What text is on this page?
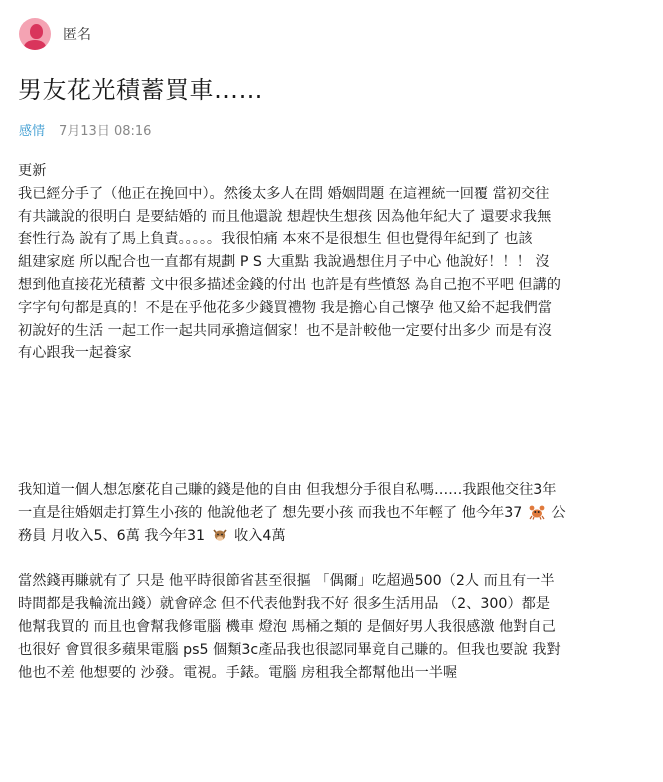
匿名
男友花光積蓄買車……
感情 7月13日 08:16

更新

我已經分手了（他正在挽回中）。然後太多人在問 婚姻問題 在這裡統一回覆 當初交往

有共識說的很明白 是要結婚的 而且他還說 想趕快生想孩 因為他年紀大了 還要求我無

套性行為 說有了馬上負責。。。。。我很怕痛 本來不是很想生 但也覺得年紀到了 也該

組建家庭 所以配合也一直都有規劃 P S 大重點 我說過想住月子中心 他說好！！！ 沒

想到他直接花光積蓄 文中很多描述金錢的付出 也許是有些憤怒 為自己抱不平吧 但講的

字字句句都是真的！不是在乎他花多少錢買禮物 我是擔心自己懷孕 他又給不起我們當

初說好的生活 一起工作一起共同承擔這個家！也不是計較他一定要付出多少 而是有沒

有心跟我一起養家

我知道一個人想怎麼花自己賺的錢是他的自由 但我想分手很自私嗎……我跟他交往3年

一直是往婚姻走打算生小孩的 他說他老了 想先要小孩 而我也不年輕了 他今年37 公

務員 月收入5、6萬 我今年31 收入4萬

當然錢再賺就有了 只是 他平時很節省甚至很摳 「偶爾」吃超過500（2人 而且有一半

時間都是我輪流出錢）就會碎念 但不代表他對我不好 很多生活用品 （2、300）都是

他幫我買的 而且也會幫我修電腦 機車 燈泡 馬桶之類的 是個好男人我很感激 他對自己

也很好 會買很多蘋果電腦 ps5 個類3c產品我也很認同畢竟自己賺的。但我也要說 我對

他也不差 他想要的 沙發。電視。手錶。電腦 房租我全都幫他出一半喔
